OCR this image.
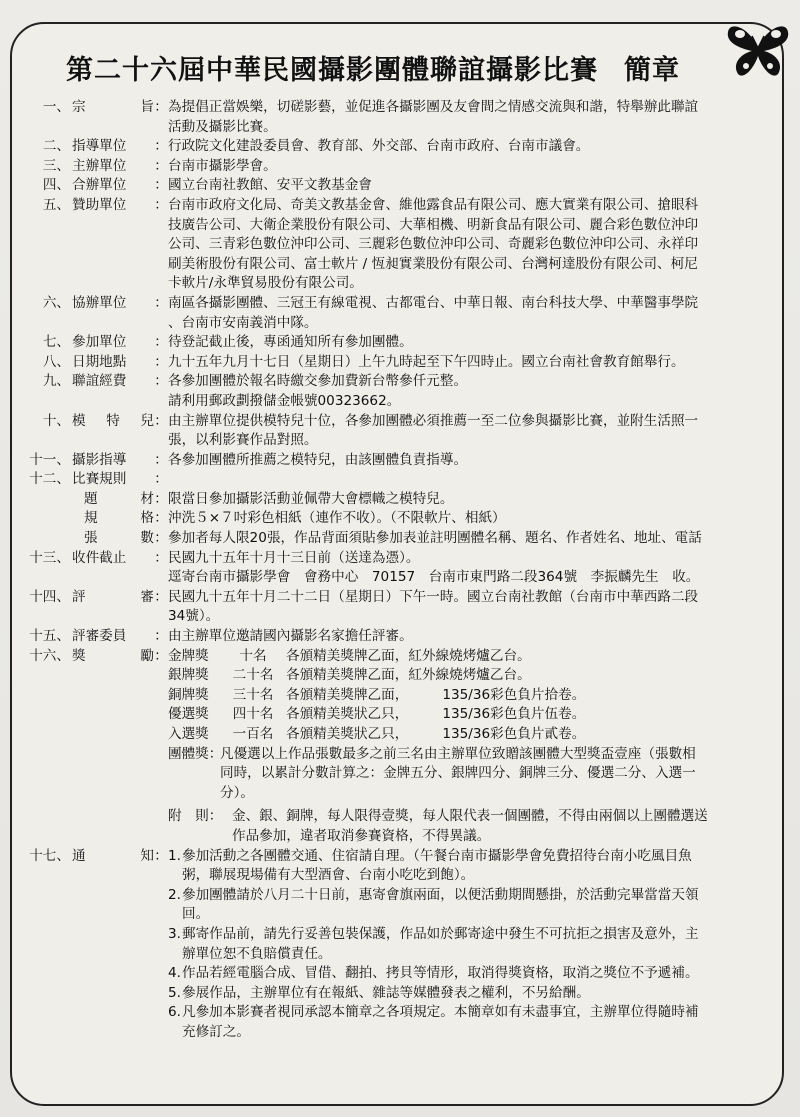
第二十六屆中華民國攝影團體聯誼攝影比賽 簡章
一、 宗	旨 ： 為提倡正當娛樂，切磋影藝，並促進各攝影團及友會間之情感交流與和諧，特舉辦此聯誼
活動及攝影比賽。
二、 指導單位	： 行政院文化建設委員會、教育部、外交部、台南市政府、台南市議會。
三、 主辦單位	： 台南市攝影學會。
四、 合辦單位	： 國立台南社教館、安平文教基金會
五、 贊助單位	： 台南市政府文化局、奇美文教基金會、維他露食品有限公司、應大實業有限公司、搶眼科
技廣告公司、大衛企業股份有限公司、大華相機、明新食品有限公司、麗合彩色數位沖印
公司、三青彩色數位沖印公司、三麗彩色數位沖印公司、奇麗彩色數位沖印公司、永祥印
刷美術股份有限公司、富士軟片 / 恆昶實業股份有限公司、台灣柯達股份有限公司、柯尼
卡軟片/永準貿易股份有限公司。
六、 協辦單位	： 南區各攝影團體、三冠王有線電視、古都電台、中華日報、南台科技大學、中華醫事學院
、台南市安南義消中隊。
七、 參加單位	： 待登記截止後，專函通知所有參加團體。
八、 日期地點	： 九十五年九月十七日（星期日）上午九時起至下午四時止。國立台南社會教育館舉行。
九、 聯誼經費	： 各參加團體於報名時繳交參加費新台幣參仟元整。
請利用郵政劃撥儲金帳號00323662。
十、 模 特 兒 ： 由主辦單位提供模特兒十位，各參加團體必須推薦一至二位參與攝影比賽，並附生活照一
張，以利影賽作品對照。
十一、 攝影指導	： 各參加團體所推薦之模特兒，由該團體負責指導。
十二、 比賽規則	：
題	材 ： 限當日參加攝影活動並佩帶大會標幟之模特兒。
規	格 ： 沖洗５×７吋彩色相紙（連作不收）。（不限軟片、相紙）
張	數 ： 參加者每人限20張，作品背面須貼參加表並註明團體名稱、題名、作者姓名、地址、電話
十三、 收件截止	： 民國九十五年十月十三日前（送達為憑）。
逕寄台南市攝影學會　會務中心　70157　台南市東門路二段364號　李振麟先生　收。
十四、 評	審 ： 民國九十五年十月二十二日（星期日）下午一時。國立台南社教館（台南市中華西路二段
34號）。
十五、 評審委員	： 由主辦單位邀請國內攝影名家擔任評審。
十六、 獎	勵 ： 金牌獎	十名	各頒精美獎牌乙面，紅外線燒烤爐乙台。
銀牌獎	二十名 各頒精美獎牌乙面，紅外線燒烤爐乙台。
銅牌獎	三十名 各頒精美獎牌乙面，　　　135/36彩色負片拾卷。
優選獎	四十名 各頒精美獎狀乙只，　　　135/36彩色負片伍卷。
入選獎	一百名 各頒精美獎狀乙只，　　　135/36彩色負片貳卷。
團體獎：
凡優選以上作品張數最多之前三名由主辦單位致贈該團體大型獎盃壹座（張數相
同時，以累計分數計算之：金牌五分、銀牌四分、銅牌三分、優選二分、入選一
分）。
附　則： 金、銀、銅牌，每人限得壹獎，每人限代表一個團體，不得由兩個以上團體選送
作品參加，違者取消參賽資格，不得異議。
十七、 通	知 ： 1. 參加活動之各團體交通、住宿請自理。（午餐台南市攝影學會免費招待台南小吃風目魚
粥，聯展現場備有大型酒會、台南小吃吃到飽）。
2. 參加團體請於八月二十日前，惠寄會旗兩面，以便活動期間懸掛，於活動完畢當當天領
回。
3. 郵寄作品前，請先行妥善包裝保護，作品如於郵寄途中發生不可抗拒之損害及意外，主
辦單位恕不負賠償責任。
4. 作品若經電腦合成、冒借、翻拍、拷貝等情形，取消得獎資格，取消之獎位不予遞補。
5. 參展作品，主辦單位有在報紙、雜誌等媒體發表之權利，不另給酬。
6. 凡參加本影賽者視同承認本簡章之各項規定。本簡章如有未盡事宜，主辦單位得隨時補
充修訂之。
